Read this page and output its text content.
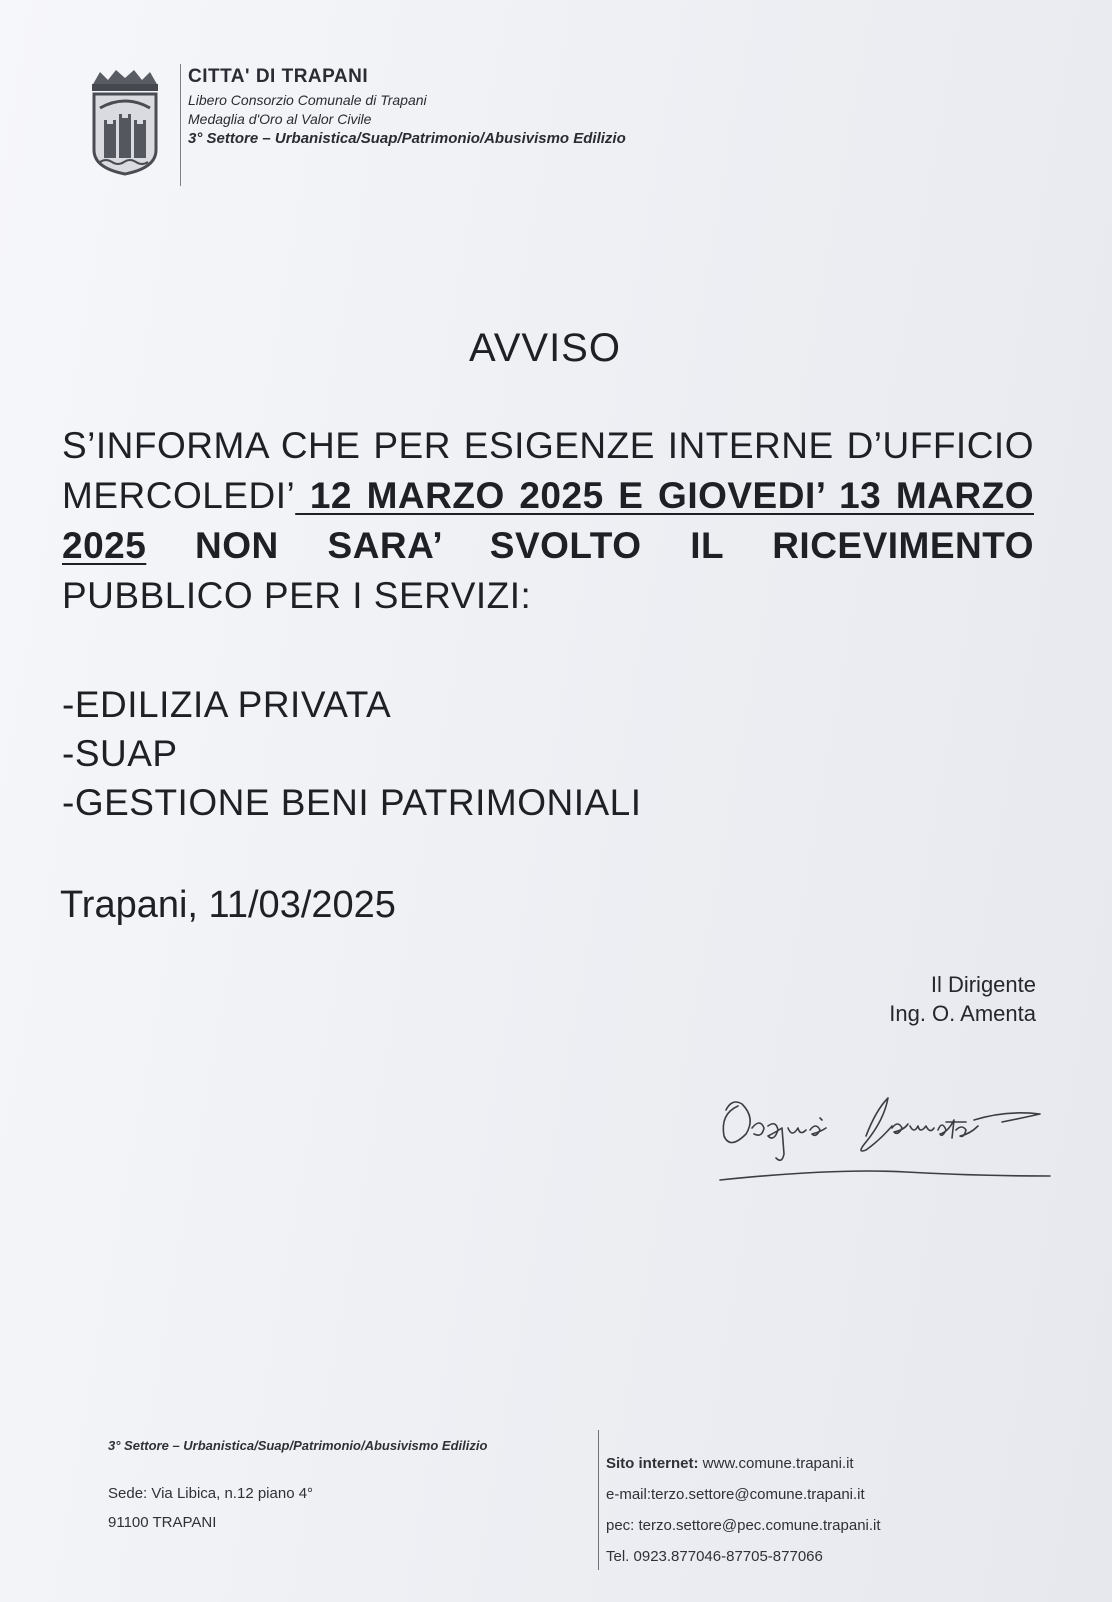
CITTA' DI TRAPANI
Libero Consorzio Comunale di Trapani
Medaglia d'Oro al Valor Civile
3° Settore – Urbanistica/Suap/Patrimonio/Abusivismo Edilizio
AVVISO
S’INFORMA CHE PER ESIGENZE INTERNE D’UFFICIO MERCOLEDI’ 12 MARZO 2025 E GIOVEDI’ 13 MARZO 2025 NON SARA’ SVOLTO IL RICEVIMENTO PUBBLICO PER I SERVIZI:
-EDILIZIA PRIVATA
-SUAP
-GESTIONE BENI PATRIMONIALI
Trapani, 11/03/2025
Il Dirigente
Ing. O. Amenta
3° Settore – Urbanistica/Suap/Patrimonio/Abusivismo Edilizio
Sede: Via Libica, n.12 piano 4°
91100 TRAPANI
Sito internet: www.comune.trapani.it
e-mail:terzo.settore@comune.trapani.it
pec: terzo.settore@pec.comune.trapani.it
Tel. 0923.877046-87705-877066
